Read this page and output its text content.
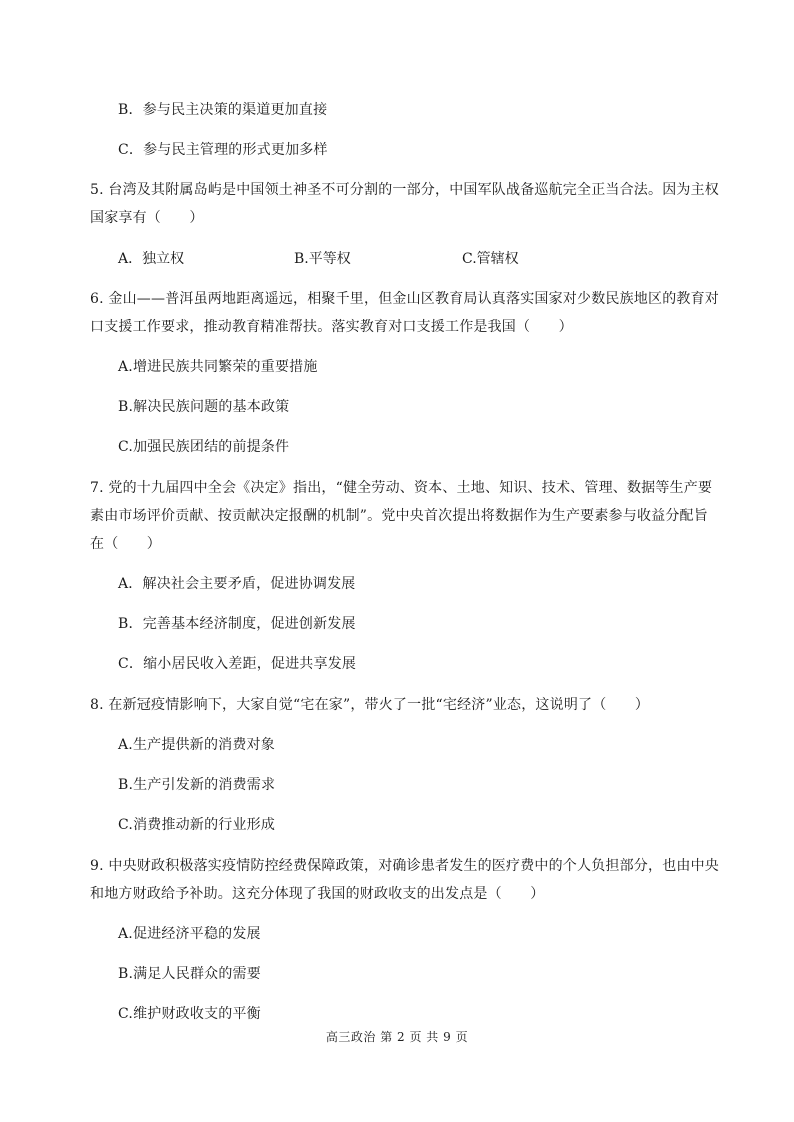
B．参与民主决策的渠道更加直接
C．参与民主管理的形式更加多样
5. 台湾及其附属岛屿是中国领土神圣不可分割的一部分，中国军队战备巡航完全正当合法。因为主权
国家享有（　　）
A．独立权	B.平等权	C.管辖权
6. 金山——普洱虽两地距离遥远，相聚千里，但金山区教育局认真落实国家对少数民族地区的教育对
口支援工作要求，推动教育精准帮扶。落实教育对口支援工作是我国（　　）
A.增进民族共同繁荣的重要措施
B.解决民族问题的基本政策
C.加强民族团结的前提条件
7. 党的十九届四中全会《决定》指出，“健全劳动、资本、土地、知识、技术、管理、数据等生产要
素由市场评价贡献、按贡献决定报酬的机制”。党中央首次提出将数据作为生产要素参与收益分配旨
在（　　）
A．解决社会主要矛盾，促进协调发展
B．完善基本经济制度，促进创新发展
C．缩小居民收入差距，促进共享发展
8. 在新冠疫情影响下，大家自觉“宅在家”，带火了一批“宅经济”业态，这说明了（　　）
A.生产提供新的消费对象
B.生产引发新的消费需求
C.消费推动新的行业形成
9. 中央财政积极落实疫情防控经费保障政策，对确诊患者发生的医疗费中的个人负担部分，也由中央
和地方财政给予补助。这充分体现了我国的财政收支的出发点是（　　）
A.促进经济平稳的发展
B.满足人民群众的需要
C.维护财政收支的平衡
高三政治 第 2 页 共 9 页
